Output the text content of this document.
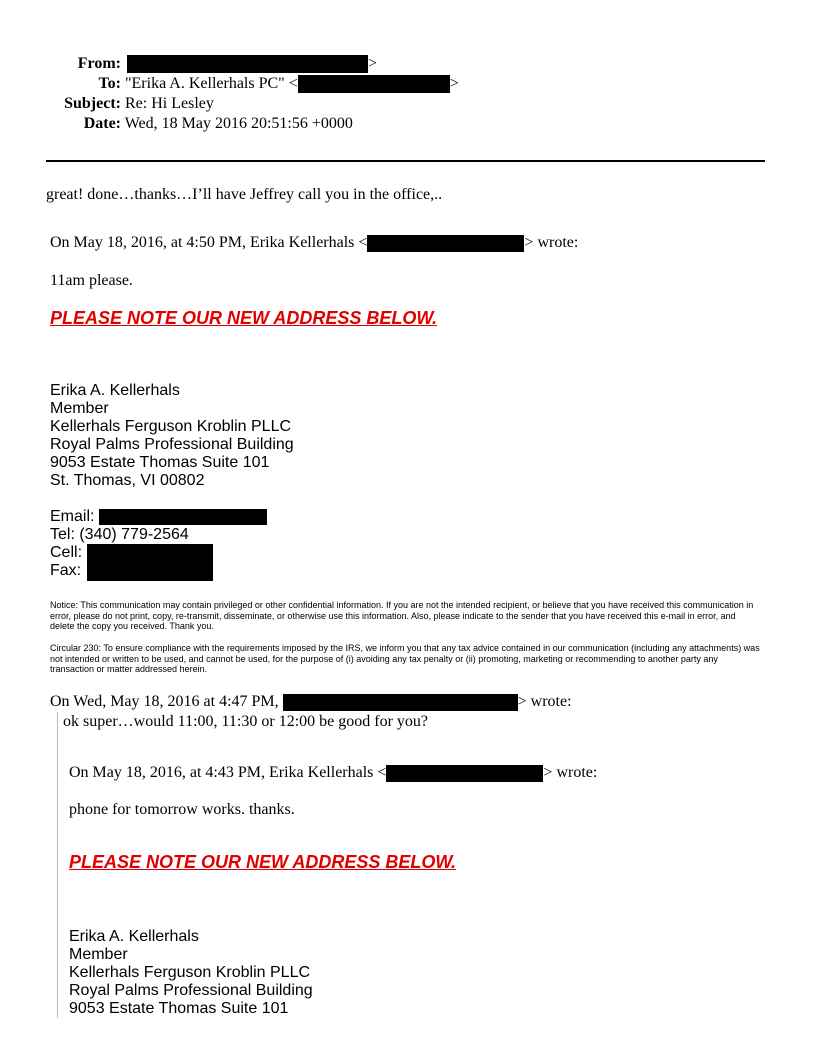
From:	>
To: "Erika A. Kellerhals PC" <	>
Subject: Re: Hi Lesley
Date: Wed, 18 May 2016 20:51:56 +0000
great! done…thanks…I’ll have Jeffrey call you in the office,..
On May 18, 2016, at 4:50 PM, Erika Kellerhals <	> wrote:
11am please.
PLEASE NOTE OUR NEW ADDRESS BELOW.
Erika A. Kellerhals
Member
Kellerhals Ferguson Kroblin PLLC
Royal Palms Professional Building
9053 Estate Thomas Suite 101
St. Thomas, VI 00802
Email:
Tel: (340) 779-2564
Cell:
Fax:
Notice: This communication may contain privileged or other confidential information. If you are not the intended recipient, or believe that you have received this communication in error, please do not print, copy, re-transmit, disseminate, or otherwise use this information. Also, please indicate to the sender that you have received this e-mail in error, and delete the copy you received. Thank you.
Circular 230: To ensure compliance with the requirements imposed by the IRS, we inform you that any tax advice contained in our communication (including any attachments) was not intended or written to be used, and cannot be used, for the purpose of (i) avoiding any tax penalty or (ii) promoting, marketing or recommending to another party any transaction or matter addressed herein.
On Wed, May 18, 2016 at 4:47 PM,	> wrote:
ok super…would 11:00, 11:30 or 12:00 be good for you?
On May 18, 2016, at 4:43 PM, Erika Kellerhals <	> wrote:
phone for tomorrow works. thanks.
PLEASE NOTE OUR NEW ADDRESS BELOW.
Erika A. Kellerhals
Member
Kellerhals Ferguson Kroblin PLLC
Royal Palms Professional Building
9053 Estate Thomas Suite 101
